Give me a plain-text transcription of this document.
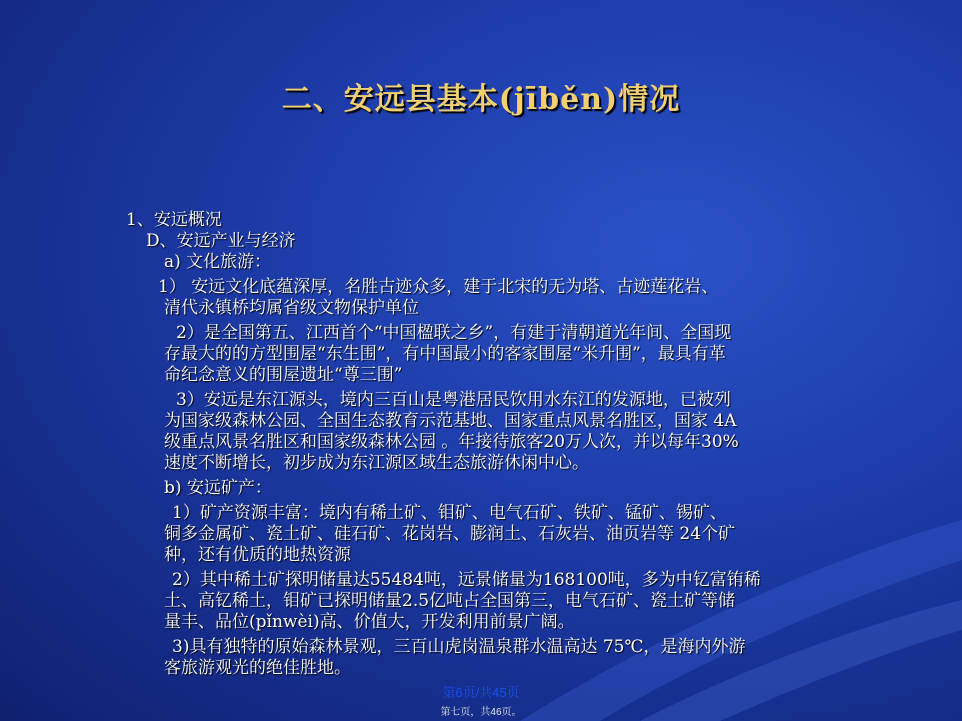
二、安远县基本(jīběn)情况
1、安远概况
D、安远产业与经济
a) 文化旅游：
1） 安远文化底蕴深厚，名胜古迹众多，建于北宋的无为塔、古迹莲花岩、
清代永镇桥均属省级文物保护单位
2）是全国第五、江西首个“中国楹联之乡”，有建于清朝道光年间、全国现
存最大的的方型围屋“东生围”，有中国最小的客家围屋“米升围”，最具有革
命纪念意义的围屋遗址“尊三围”
3）安远是东江源头，境内三百山是粤港居民饮用水东江的发源地，已被列
为国家级森林公园、全国生态教育示范基地、国家重点风景名胜区，国家 4A
级重点风景名胜区和国家级森林公园 。年接待旅客20万人次，并以每年30%
速度不断增长，初步成为东江源区域生态旅游休闲中心。
b) 安远矿产：
1）矿产资源丰富：境内有稀土矿、钼矿、电气石矿、铁矿、锰矿、锡矿、
铜多金属矿、瓷土矿、硅石矿、花岗岩、膨润土、石灰岩、油页岩等 24个矿
种，还有优质的地热资源
2）其中稀土矿探明储量达55484吨，远景储量为168100吨，多为中钇富铕稀
土、高钇稀土，钼矿已探明储量2.5亿吨占全国第三，电气石矿、瓷土矿等储
量丰、品位(pǐnwèi)高、价值大，开发利用前景广阔。
3)具有独特的原始森林景观，三百山虎岗温泉群水温高达 75℃，是海内外游
客旅游观光的绝佳胜地。
第6页/共45页
第七页，共46页。
